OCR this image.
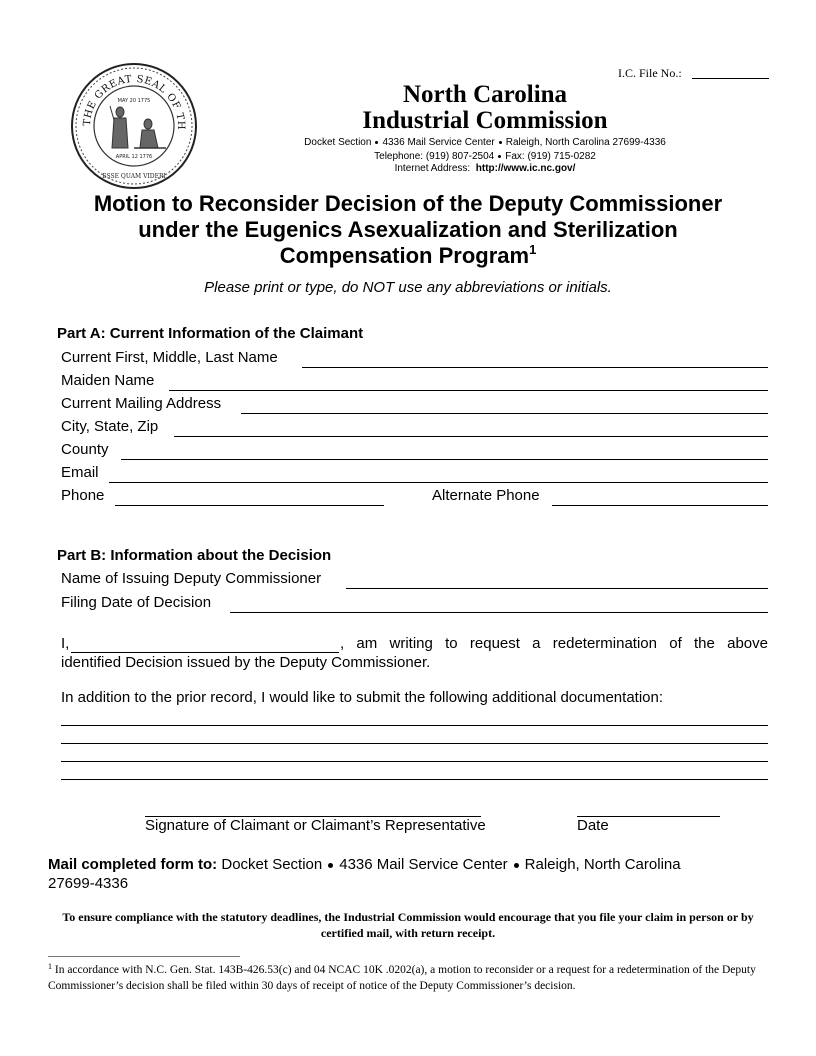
THE GREAT SEAL OF TH
MAY 20 1775
APRIL 12 1776
ESSE QUAM VIDERI
I.C. File No.:
North Carolina
Industrial Commission
Docket Section 4336 Mail Service Center Raleigh, North Carolina 27699-4336
Telephone: (919) 807-2504 Fax: (919) 715-0282
Internet Address: http://www.ic.nc.gov/
Motion to Reconsider Decision of the Deputy Commissioner
under the Eugenics Asexualization and Sterilization
Compensation Program$^1$
Please print or type, do NOT use any abbreviations or initials.
Part A: Current Information of the Claimant
Current First, Middle, Last Name
Maiden Name
Current Mailing Address
City, State, Zip
County
Email
Phone	Alternate Phone
Part B: Information about the Decision
Name of Issuing Deputy Commissioner
Filing Date of Decision
I,	, am writing to request a redetermination of the above
identified Decision issued by the Deputy Commissioner.
In addition to the prior record, I would like to submit the following additional documentation:
Signature of Claimant or Claimant’s Representative	Date
Mail completed form to: Docket Section 4336 Mail Service Center Raleigh, North Carolina
27699-4336
To ensure compliance with the statutory deadlines, the Industrial Commission would encourage that you file your claim in person or by certified mail, with return receipt.
$^1$ In accordance with N.C. Gen. Stat. 143B-426.53(c) and 04 NCAC 10K .0202(a), a motion to reconsider or a request for a redetermination of the Deputy Commissioner’s decision shall be filed within 30 days of receipt of notice of the Deputy Commissioner’s decision.
